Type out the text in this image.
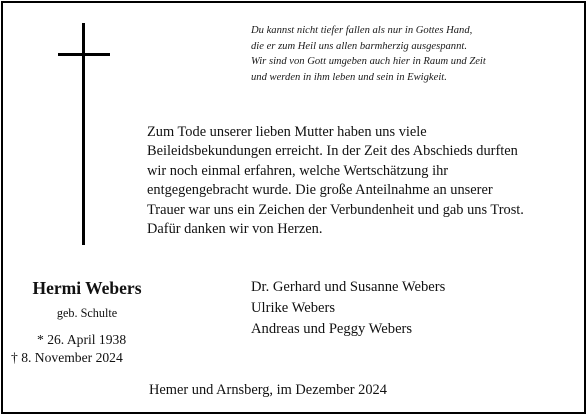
Du kannst nicht tiefer fallen als nur in Gottes Hand,
die er zum Heil uns allen barmherzig ausgespannt.
Wir sind von Gott umgeben auch hier in Raum und Zeit
und werden in ihm leben und sein in Ewigkeit.
Zum Tode unserer lieben Mutter haben uns viele
Beileidsbekundungen erreicht. In der Zeit des Abschieds durften
wir noch einmal erfahren, welche Wertschätzung ihr
entgegengebracht wurde. Die große Anteilnahme an unserer
Trauer war uns ein Zeichen der Verbundenheit und gab uns Trost.
Dafür danken wir von Herzen.
Hermi Webers
geb. Schulte
* 26. April 1938
† 8. November 2024
Dr. Gerhard und Susanne Webers
Ulrike Webers
Andreas und Peggy Webers
Hemer und Arnsberg, im Dezember 2024
